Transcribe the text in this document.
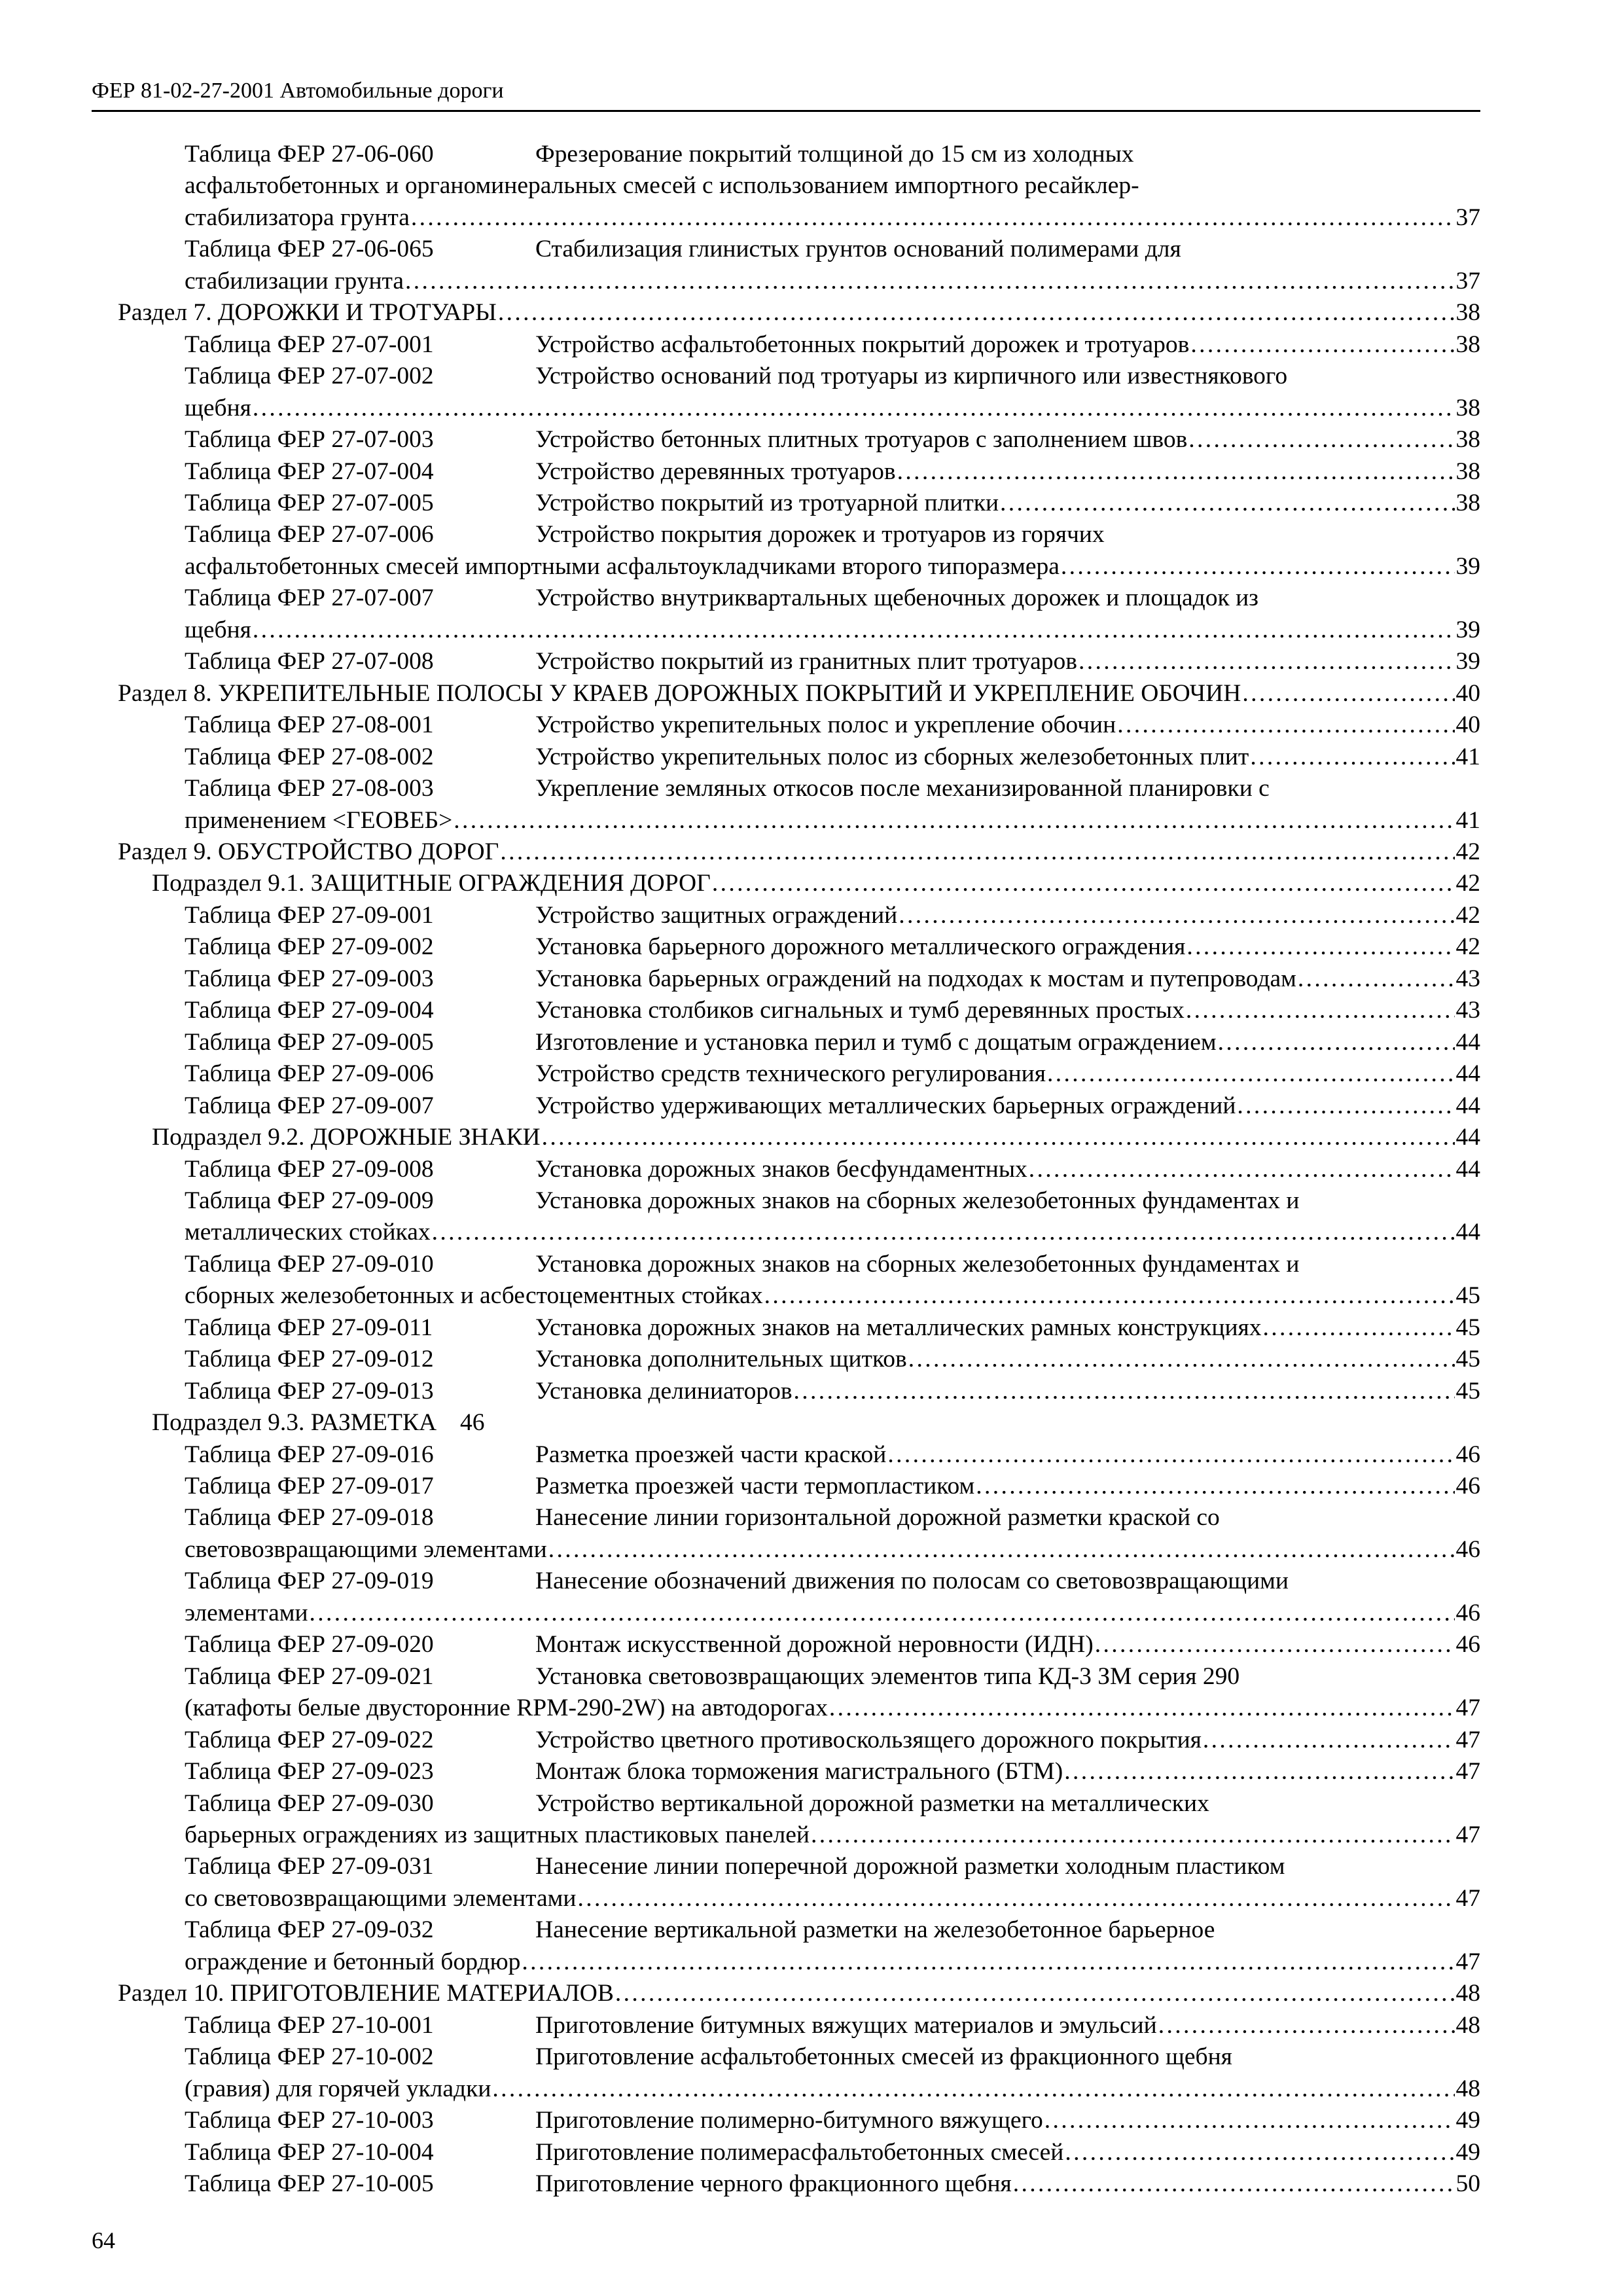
ФЕР 81-02-27-2001 Автомобильные дороги
Таблица ФЕР 27-06-060	Фрезерование покрытий толщиной до 15 см из холодных
асфальтобетонных и органоминеральных смесей с использованием импортного ресайклер-
стабилизатора грунта . . .	37
Таблица ФЕР 27-06-065	Стабилизация глинистых грунтов оснований полимерами для
стабилизации грунта . . .	37
Раздел 7. ДОРОЖКИ И ТРОТУАРЫ . . .	38
Таблица ФЕР 27-07-001	Устройство асфальтобетонных покрытий дорожек и тротуаров . . .	38
Таблица ФЕР 27-07-002	Устройство оснований под тротуары из кирпичного или известнякового
щебня . . .	38
Таблица ФЕР 27-07-003	Устройство бетонных плитных тротуаров с заполнением швов . . .	38
Таблица ФЕР 27-07-004	Устройство деревянных тротуаров . . .	38
Таблица ФЕР 27-07-005	Устройство покрытий из тротуарной плитки . . .	38
Таблица ФЕР 27-07-006	Устройство покрытия дорожек и тротуаров из горячих
асфальтобетонных смесей импортными асфальтоукладчиками второго типоразмера . . .	39
Таблица ФЕР 27-07-007	Устройство внутриквартальных щебеночных дорожек и площадок из
щебня . . .	39
Таблица ФЕР 27-07-008	Устройство покрытий из гранитных плит тротуаров . . .	39
Раздел 8. УКРЕПИТЕЛЬНЫЕ ПОЛОСЫ У КРАЕВ ДОРОЖНЫХ ПОКРЫТИЙ И УКРЕПЛЕНИЕ ОБОЧИН . . .	40
Таблица ФЕР 27-08-001	Устройство укрепительных полос и укрепление обочин . . .	40
Таблица ФЕР 27-08-002	Устройство укрепительных полос из сборных железобетонных плит . . .	41
Таблица ФЕР 27-08-003	Укрепление земляных откосов после механизированной планировки с
применением <ГЕОВЕБ> . . .	41
Раздел 9. ОБУСТРОЙСТВО ДОРОГ . . .	42
Подраздел 9.1. ЗАЩИТНЫЕ ОГРАЖДЕНИЯ ДОРОГ . . .	42
Таблица ФЕР 27-09-001	Устройство защитных ограждений . . .	42
Таблица ФЕР 27-09-002	Установка барьерного дорожного металлического ограждения . . .	42
Таблица ФЕР 27-09-003	Установка барьерных ограждений на подходах к мостам и путепроводам . . .	43
Таблица ФЕР 27-09-004	Установка столбиков сигнальных и тумб деревянных простых . . .	43
Таблица ФЕР 27-09-005	Изготовление и установка перил и тумб с дощатым ограждением . . .	44
Таблица ФЕР 27-09-006	Устройство средств технического регулирования . . .	44
Таблица ФЕР 27-09-007	Устройство удерживающих металлических барьерных ограждений . . .	44
Подраздел 9.2. ДОРОЖНЫЕ ЗНАКИ . . .	44
Таблица ФЕР 27-09-008	Установка дорожных знаков бесфундаментных . . .	44
Таблица ФЕР 27-09-009	Установка дорожных знаков на сборных железобетонных фундаментах и
металлических стойках . . .	44
Таблица ФЕР 27-09-010	Установка дорожных знаков на сборных железобетонных фундаментах и
сборных железобетонных и асбестоцементных стойках . . .	45
Таблица ФЕР 27-09-011	Установка дорожных знаков на металлических рамных конструкциях . . .	45
Таблица ФЕР 27-09-012	Установка дополнительных щитков . . .	45
Таблица ФЕР 27-09-013	Установка делиниаторов . . .	45
Подраздел 9.3. РАЗМЕТКА 46
Таблица ФЕР 27-09-016	Разметка проезжей части краской . . .	46
Таблица ФЕР 27-09-017	Разметка проезжей части термопластиком . . .	46
Таблица ФЕР 27-09-018	Нанесение линии горизонтальной дорожной разметки краской со
световозвращающими элементами . . .	46
Таблица ФЕР 27-09-019	Нанесение обозначений движения по полосам со световозвращающими
элементами . . .	46
Таблица ФЕР 27-09-020	Монтаж искусственной дорожной неровности (ИДН) . . .	46
Таблица ФЕР 27-09-021	Установка световозвращающих элементов типа КД-3 ЗМ серия 290
(катафоты белые двусторонние RPM-290-2W) на автодорогах . . .	47
Таблица ФЕР 27-09-022	Устройство цветного противоскользящего дорожного покрытия . . .	47
Таблица ФЕР 27-09-023	Монтаж блока торможения магистрального (БТМ) . . .	47
Таблица ФЕР 27-09-030	Устройство вертикальной дорожной разметки на металлических
барьерных ограждениях из защитных пластиковых панелей . . .	47
Таблица ФЕР 27-09-031	Нанесение линии поперечной дорожной разметки холодным пластиком
со световозвращающими элементами . . .	47
Таблица ФЕР 27-09-032	Нанесение вертикальной разметки на железобетонное барьерное
ограждение и бетонный бордюр . . .	47
Раздел 10. ПРИГОТОВЛЕНИЕ МАТЕРИАЛОВ . . .	48
Таблица ФЕР 27-10-001	Приготовление битумных вяжущих материалов и эмульсий . . .	48
Таблица ФЕР 27-10-002	Приготовление асфальтобетонных смесей из фракционного щебня
(гравия) для горячей укладки . . .	48
Таблица ФЕР 27-10-003	Приготовление полимерно-битумного вяжущего . . .	49
Таблица ФЕР 27-10-004	Приготовление полимерасфальтобетонных смесей . . .	49
Таблица ФЕР 27-10-005	Приготовление черного фракционного щебня . . .	50
64
